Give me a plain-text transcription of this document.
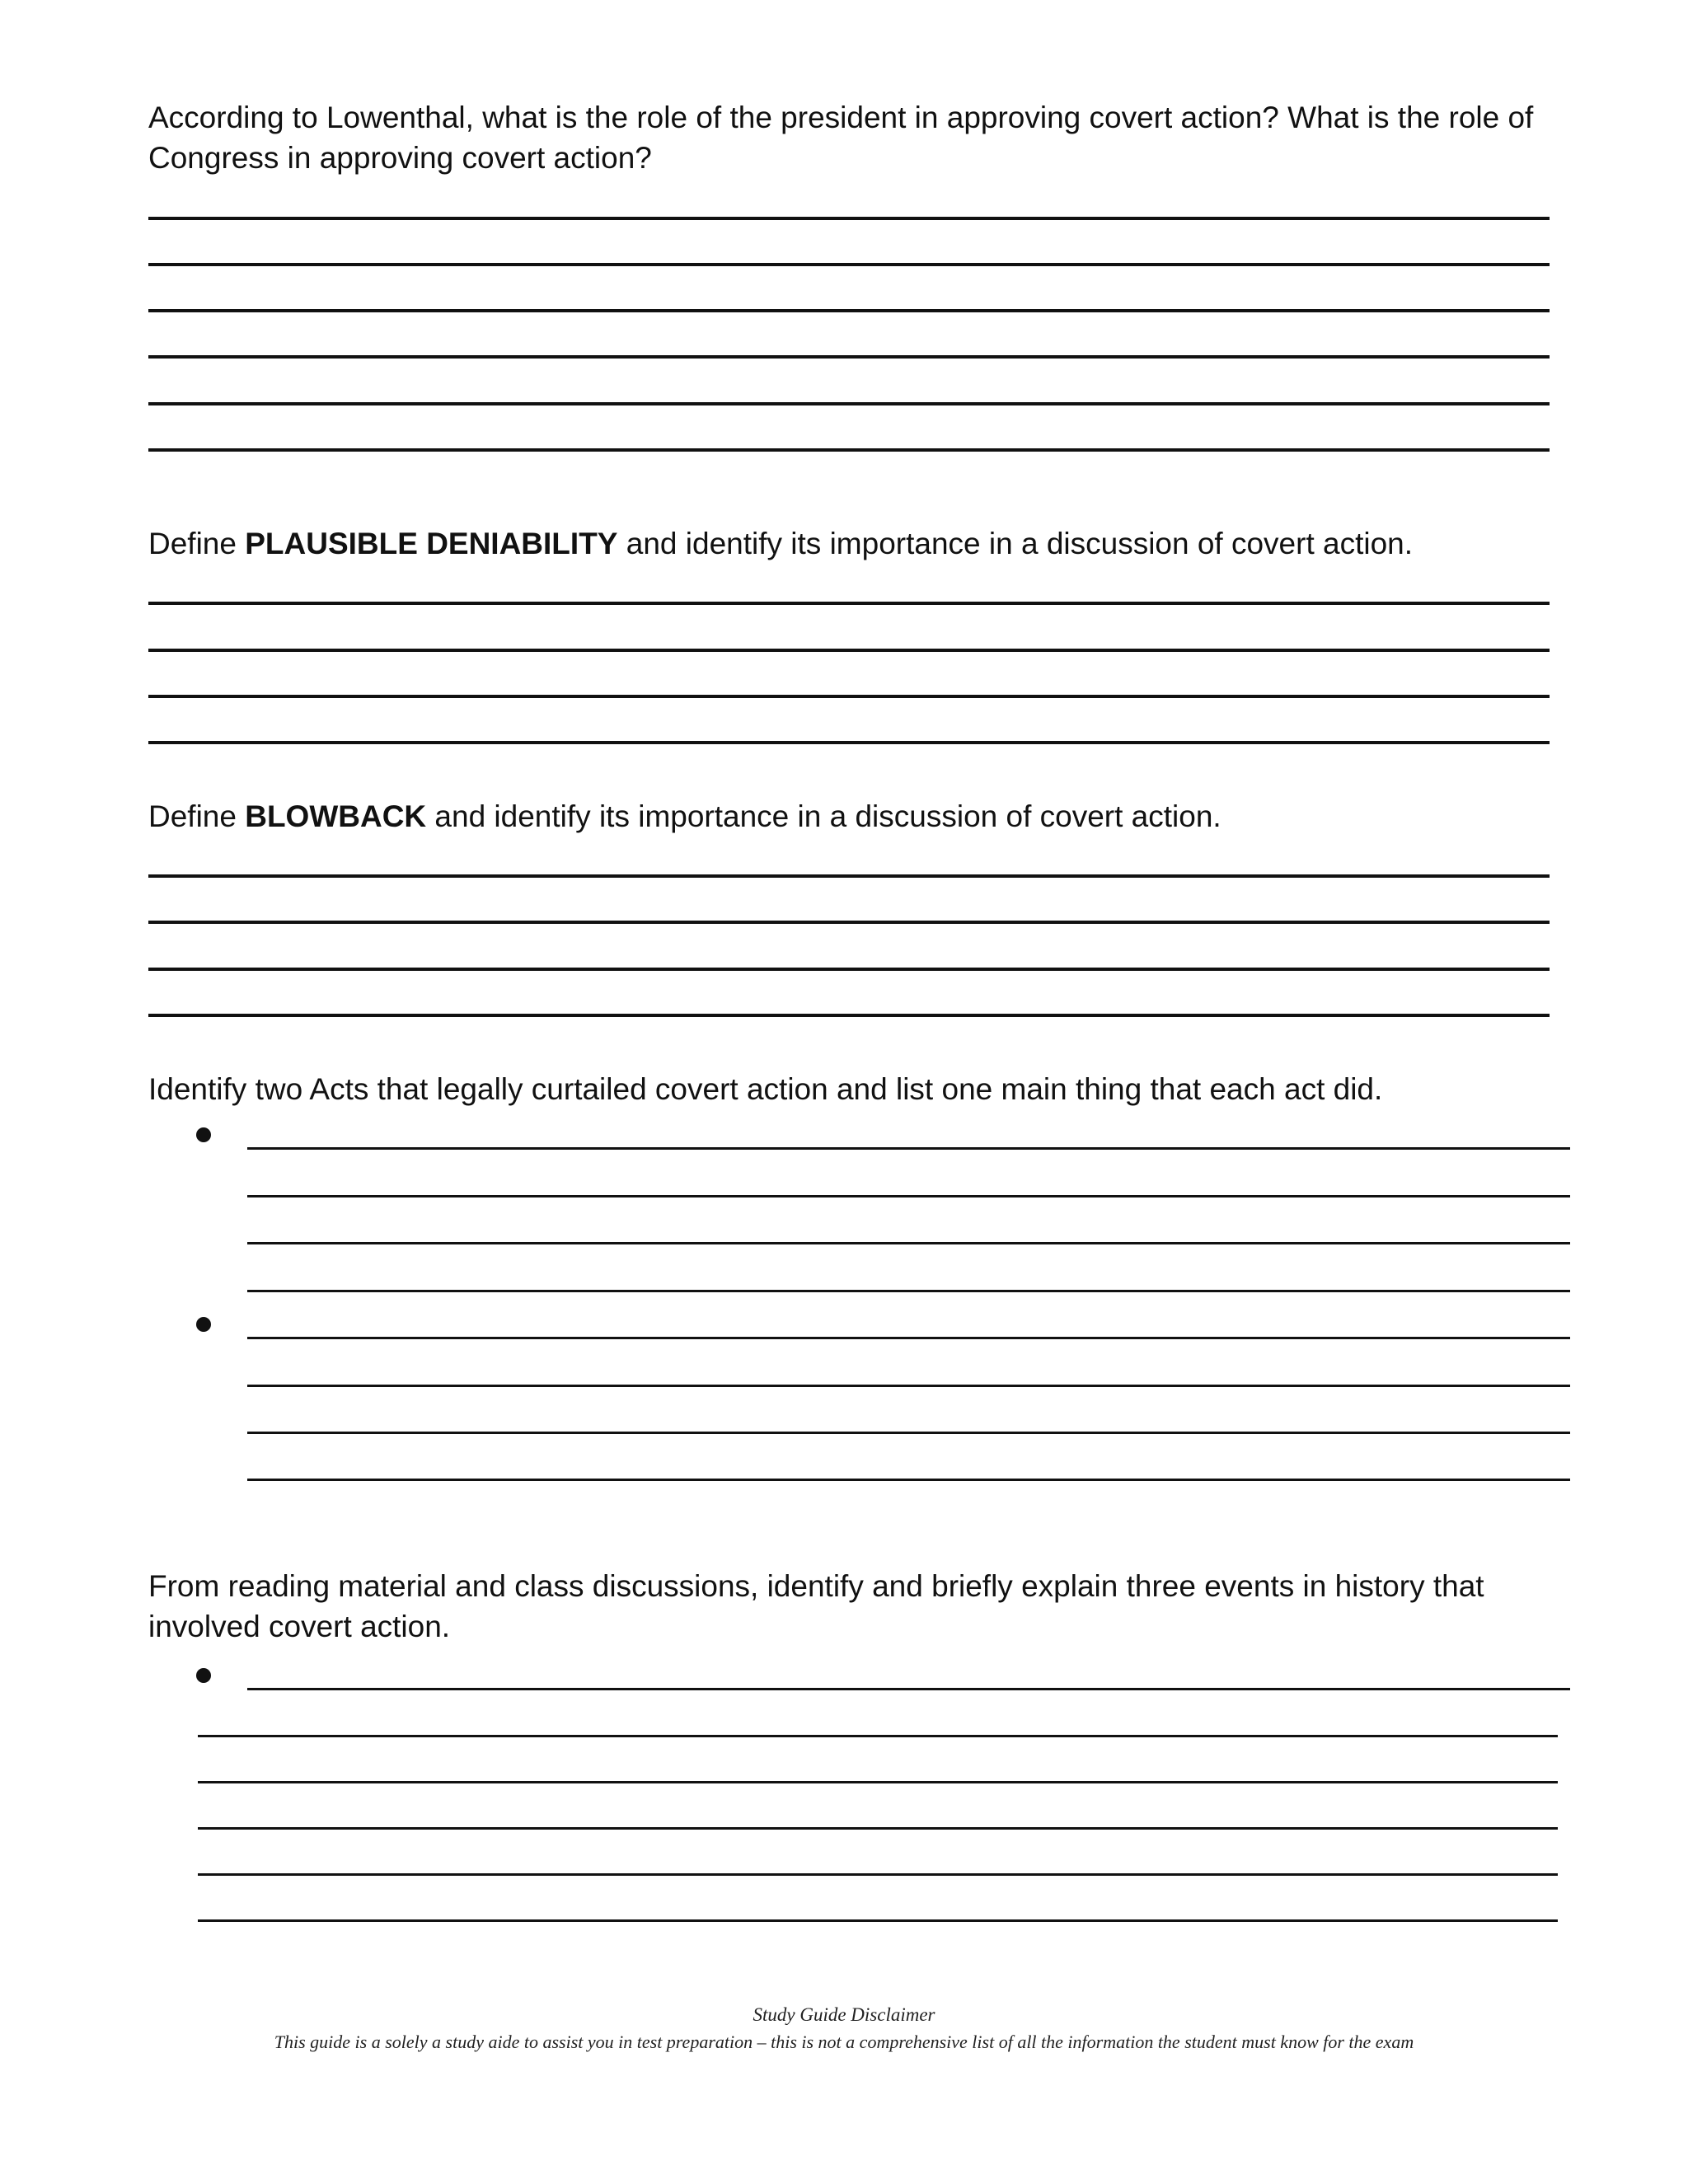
According to Lowenthal, what is the role of the president in approving covert action? What is the role of Congress in approving covert action?

Define PLAUSIBLE DENIABILITY and identify its importance in a discussion of covert action.

Define BLOWBACK and identify its importance in a discussion of covert action.

Identify two Acts that legally curtailed covert action and list one main thing that each act did.

From reading material and class discussions, identify and briefly explain three events in history that involved covert action.

Study Guide Disclaimer
This guide is a solely a study aide to assist you in test preparation – this is not a comprehensive list of all the information the student must know for the exam
